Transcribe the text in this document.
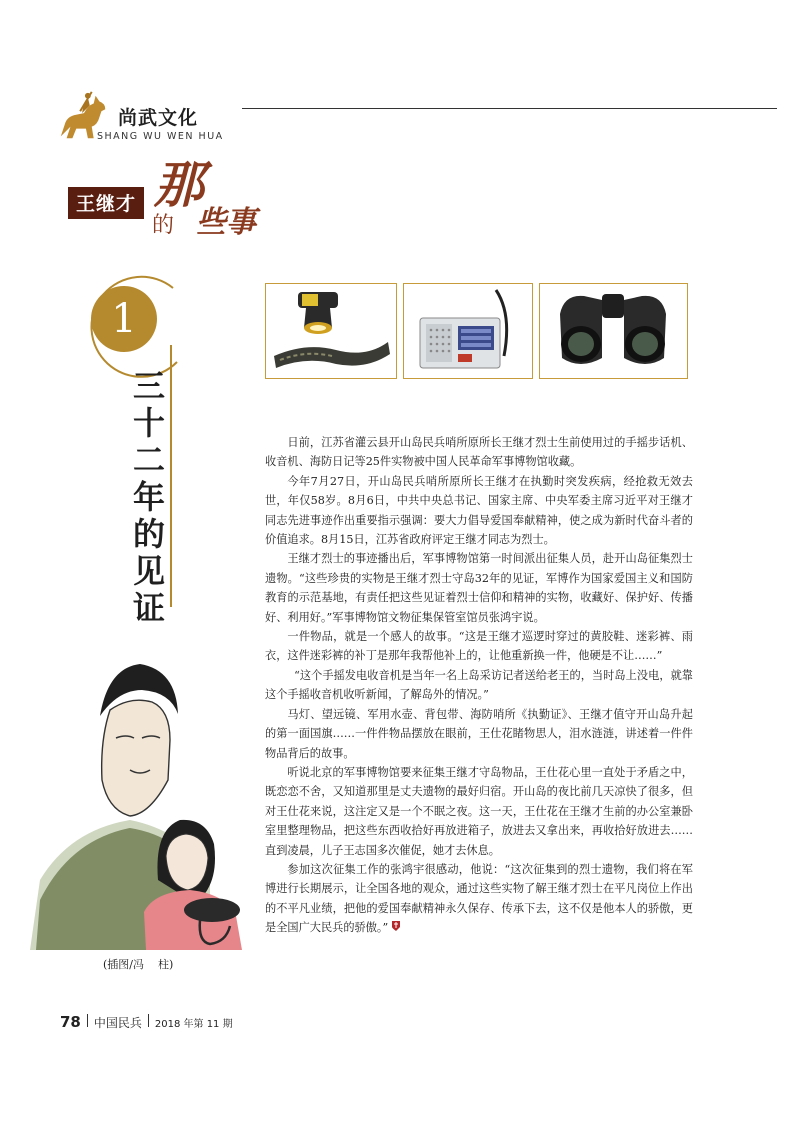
尚武文化
SHANG WU WEN HUA
王继才 那
的 些事
1
三十二年的见证

日前，江苏省灌云县开山岛民兵哨所原所长王继才烈士生前使用过的手摇步话机、收音机、海防日记等25件实物被中国人民革命军事博物馆收藏。

今年7月27日，开山岛民兵哨所原所长王继才在执勤时突发疾病，经抢救无效去世，年仅58岁。8月6日，中共中央总书记、国家主席、中央军委主席习近平对王继才同志先进事迹作出重要指示强调：要大力倡导爱国奉献精神，使之成为新时代奋斗者的价值追求。8月15日，江苏省政府评定王继才同志为烈士。

王继才烈士的事迹播出后，军事博物馆第一时间派出征集人员，赴开山岛征集烈士遗物。“这些珍贵的实物是王继才烈士守岛32年的见证，军博作为国家爱国主义和国防教育的示范基地，有责任把这些见证着烈士信仰和精神的实物，收藏好、保护好、传播好、利用好。”军事博物馆文物征集保管室馆员张鸿宇说。

一件物品，就是一个感人的故事。“这是王继才巡逻时穿过的黄胶鞋、迷彩裤、雨衣，这件迷彩裤的补丁是那年我帮他补上的，让他重新换一件，他硬是不让……”

“这个手摇发电收音机是当年一名上岛采访记者送给老王的，当时岛上没电，就靠这个手摇收音机收听新闻，了解岛外的情况。”

马灯、望远镜、军用水壶、背包带、海防哨所《执勤证》、王继才值守开山岛升起的第一面国旗……一件件物品摆放在眼前，王仕花睹物思人，泪水涟涟，讲述着一件件物品背后的故事。

听说北京的军事博物馆要来征集王继才守岛物品，王仕花心里一直处于矛盾之中，既恋恋不舍，又知道那里是丈夫遗物的最好归宿。开山岛的夜比前几天凉快了很多，但对王仕花来说，这注定又是一个不眠之夜。这一天，王仕花在王继才生前的办公室兼卧室里整理物品，把这些东西收拾好再放进箱子，放进去又拿出来，再收拾好放进去……直到凌晨，儿子王志国多次催促，她才去休息。

参加这次征集工作的张鸿宇很感动，他说：“这次征集到的烈士遗物，我们将在军博进行长期展示，让全国各地的观众，通过这些实物了解王继才烈士在平凡岗位上作出的不平凡业绩，把他的爱国奉献精神永久保存、传承下去，这不仅是他本人的骄傲，更是全国广大民兵的骄傲。”

(插图/冯    柱)
78 中国民兵 2018 年第 11 期
